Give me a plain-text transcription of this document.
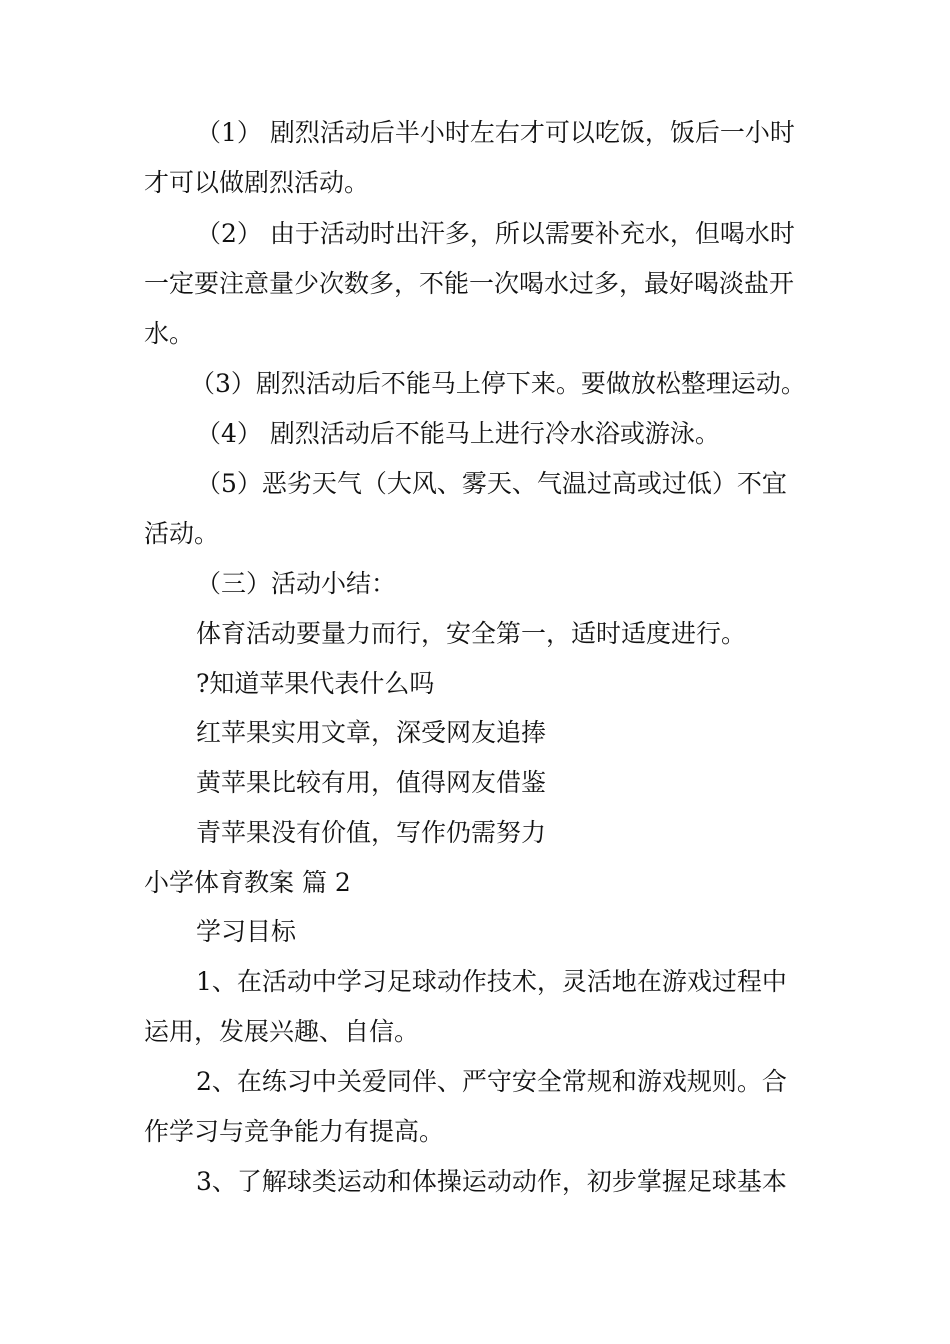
（1） 剧烈活动后半小时左右才可以吃饭，饭后一小时
才可以做剧烈活动。
（2） 由于活动时出汗多，所以需要补充水，但喝水时
一定要注意量少次数多，不能一次喝水过多，最好喝淡盐开
水。
（3）剧烈活动后不能马上停下来。要做放松整理运动。
（4） 剧烈活动后不能马上进行冷水浴或游泳。
（5）恶劣天气（大风、雾天、气温过高或过低）不宜
活动。
（三）活动小结：
体育活动要量力而行，安全第一，适时适度进行。
?知道苹果代表什么吗
红苹果实用文章，深受网友追捧
黄苹果比较有用，值得网友借鉴
青苹果没有价值，写作仍需努力
小学体育教案 篇 2
学习目标
1、在活动中学习足球动作技术，灵活地在游戏过程中
运用，发展兴趣、自信。
2、在练习中关爱同伴、严守安全常规和游戏规则。合
作学习与竞争能力有提高。
3、了解球类运动和体操运动动作，初步掌握足球基本
